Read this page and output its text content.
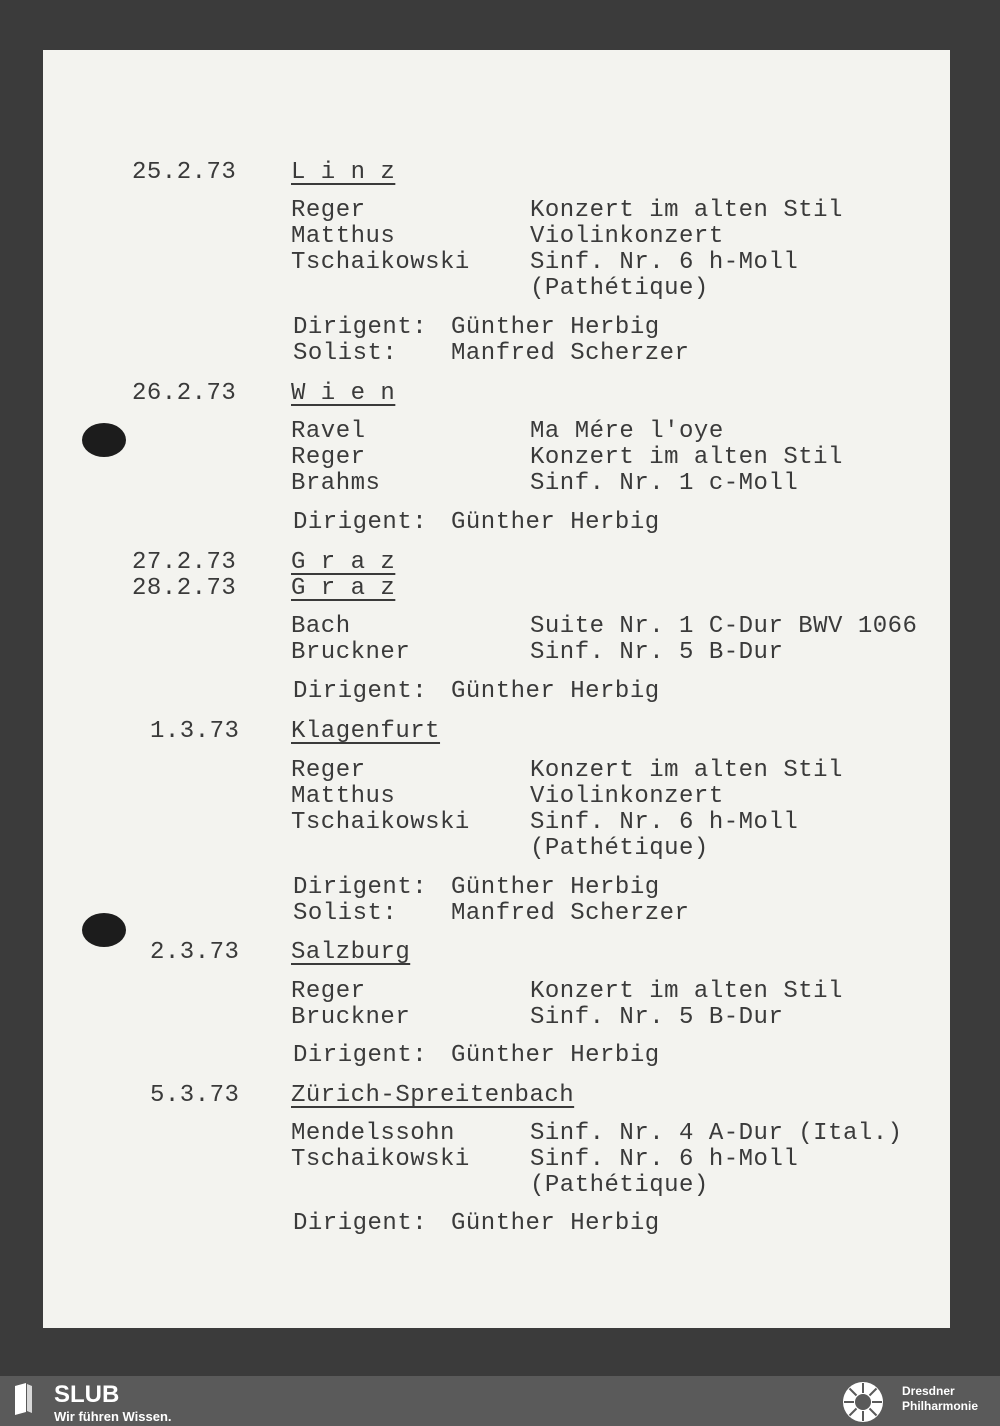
25.2.73 L i n z
Reger	Konzert im alten Stil
Matthus	Violinkonzert
Tschaikowski	Sinf. Nr. 6 h-Moll
(Pathétique)
Dirigent: Günther Herbig
Solist: Manfred Scherzer
26.2.73 W i e n
Ravel	Ma Mére l'oye
Reger	Konzert im alten Stil
Brahms	Sinf. Nr. 1 c-Moll
Dirigent: Günther Herbig
27.2.73 G r a z
28.2.73 G r a z
Bach	Suite Nr. 1 C-Dur BWV 1066
Bruckner	Sinf. Nr. 5 B-Dur
Dirigent: Günther Herbig
1.3.73 Klagenfurt
Reger	Konzert im alten Stil
Matthus	Violinkonzert
Tschaikowski	Sinf. Nr. 6 h-Moll
(Pathétique)
Dirigent: Günther Herbig
Solist: Manfred Scherzer
2.3.73 Salzburg
Reger	Konzert im alten Stil
Bruckner	Sinf. Nr. 5 B-Dur
Dirigent: Günther Herbig
5.3.73 Zürich-Spreitenbach
Mendelssohn	Sinf. Nr. 4 A-Dur (Ital.)
Tschaikowski	Sinf. Nr. 6 h-Moll
(Pathétique)
Dirigent: Günther Herbig
SLUB
Wir führen Wissen.
Dresdner
Philharmonie
